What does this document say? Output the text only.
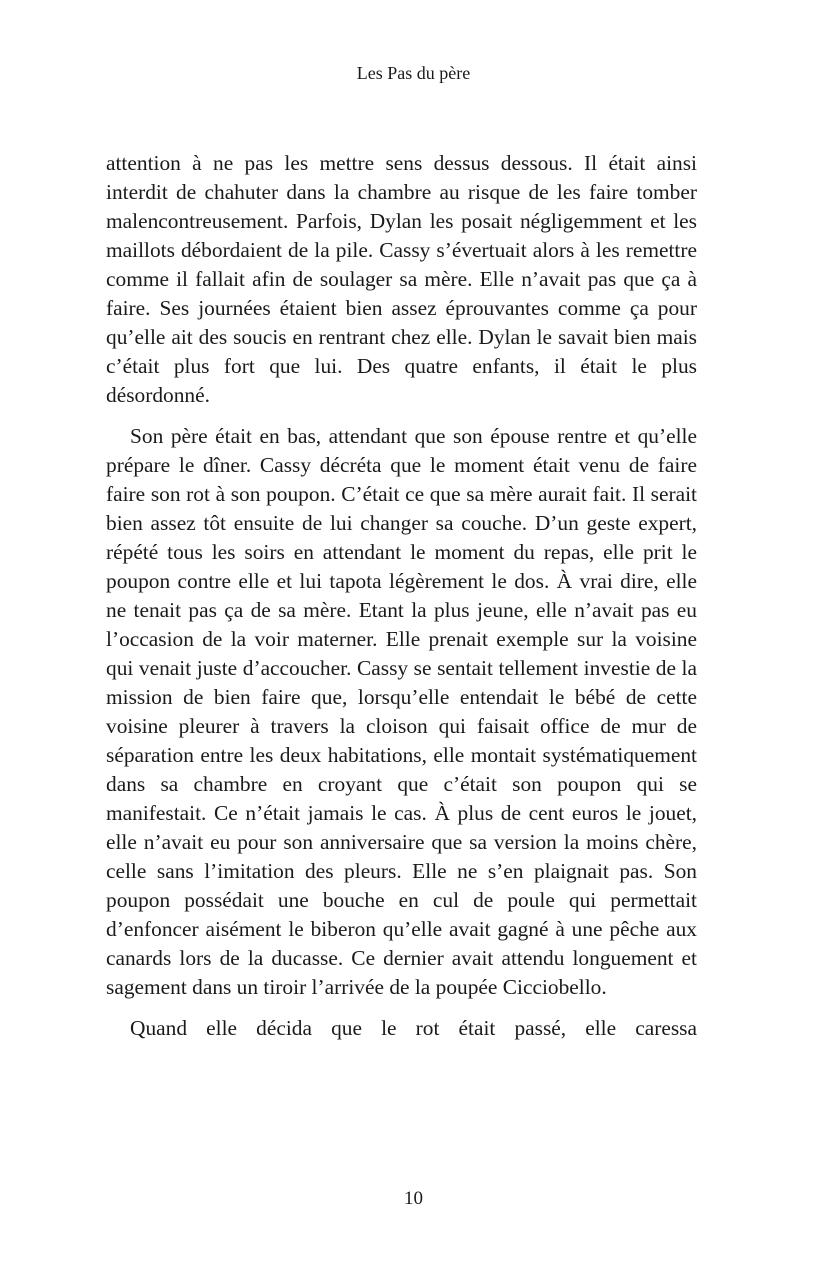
Les Pas du père

attention à ne pas les mettre sens dessus dessous. Il était ainsi interdit de chahuter dans la chambre au risque de les faire tomber malencontreusement. Parfois, Dylan les posait négligemment et les maillots débordaient de la pile. Cassy s’évertuait alors à les remettre comme il fallait afin de soulager sa mère. Elle n’avait pas que ça à faire. Ses journées étaient bien assez éprouvantes comme ça pour qu’elle ait des soucis en rentrant chez elle. Dylan le savait bien mais c’était plus fort que lui. Des quatre enfants, il était le plus désordonné.

Son père était en bas, attendant que son épouse rentre et qu’elle prépare le dîner. Cassy décréta que le moment était venu de faire faire son rot à son poupon. C’était ce que sa mère aurait fait. Il serait bien assez tôt ensuite de lui changer sa couche. D’un geste expert, répété tous les soirs en attendant le moment du repas, elle prit le poupon contre elle et lui tapota légèrement le dos. À vrai dire, elle ne tenait pas ça de sa mère. Etant la plus jeune, elle n’avait pas eu l’occasion de la voir materner. Elle prenait exemple sur la voisine qui venait juste d’accoucher. Cassy se sentait tellement investie de la mission de bien faire que, lorsqu’elle entendait le bébé de cette voisine pleurer à travers la cloison qui faisait office de mur de séparation entre les deux habitations, elle montait systématiquement dans sa chambre en croyant que c’était son poupon qui se manifestait. Ce n’était jamais le cas. À plus de cent euros le jouet, elle n’avait eu pour son anniversaire que sa version la moins chère, celle sans l’imitation des pleurs. Elle ne s’en plaignait pas. Son poupon possédait une bouche en cul de poule qui permettait d’enfoncer aisément le biberon qu’elle avait gagné à une pêche aux canards lors de la ducasse. Ce dernier avait attendu longuement et sagement dans un tiroir l’arrivée de la poupée Cicciobello.

Quand elle décida que le rot était passé, elle caressa

10
